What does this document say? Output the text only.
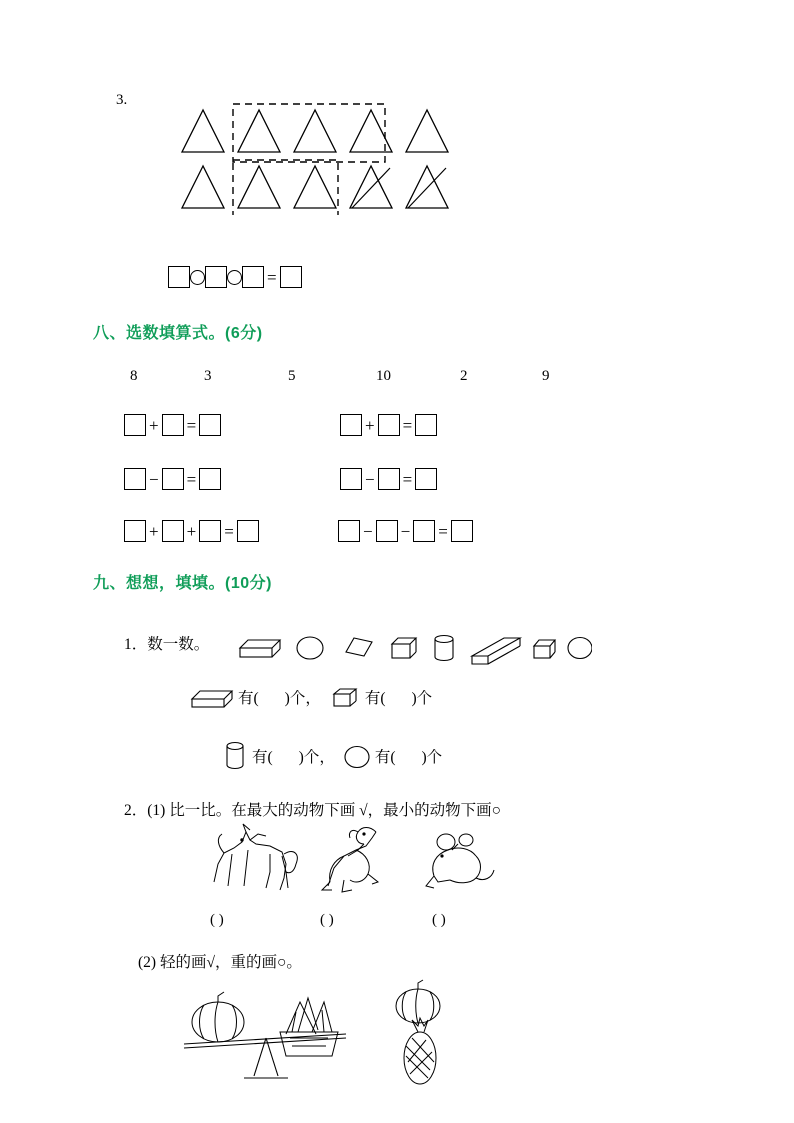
3.
=
八、选数填算式。(6分)
8	3	5	10	2	9
+ =	+ =
− =	− =
+ + =	− − =
九、想想，填填。(10分)
1．数一数。
有( )个，	有( )个
有( )个，	有( )个
2．(1) 比一比。在最大的动物下画 √，最小的动物下画○
( )	( )	( )
(2) 轻的画√，重的画○。
